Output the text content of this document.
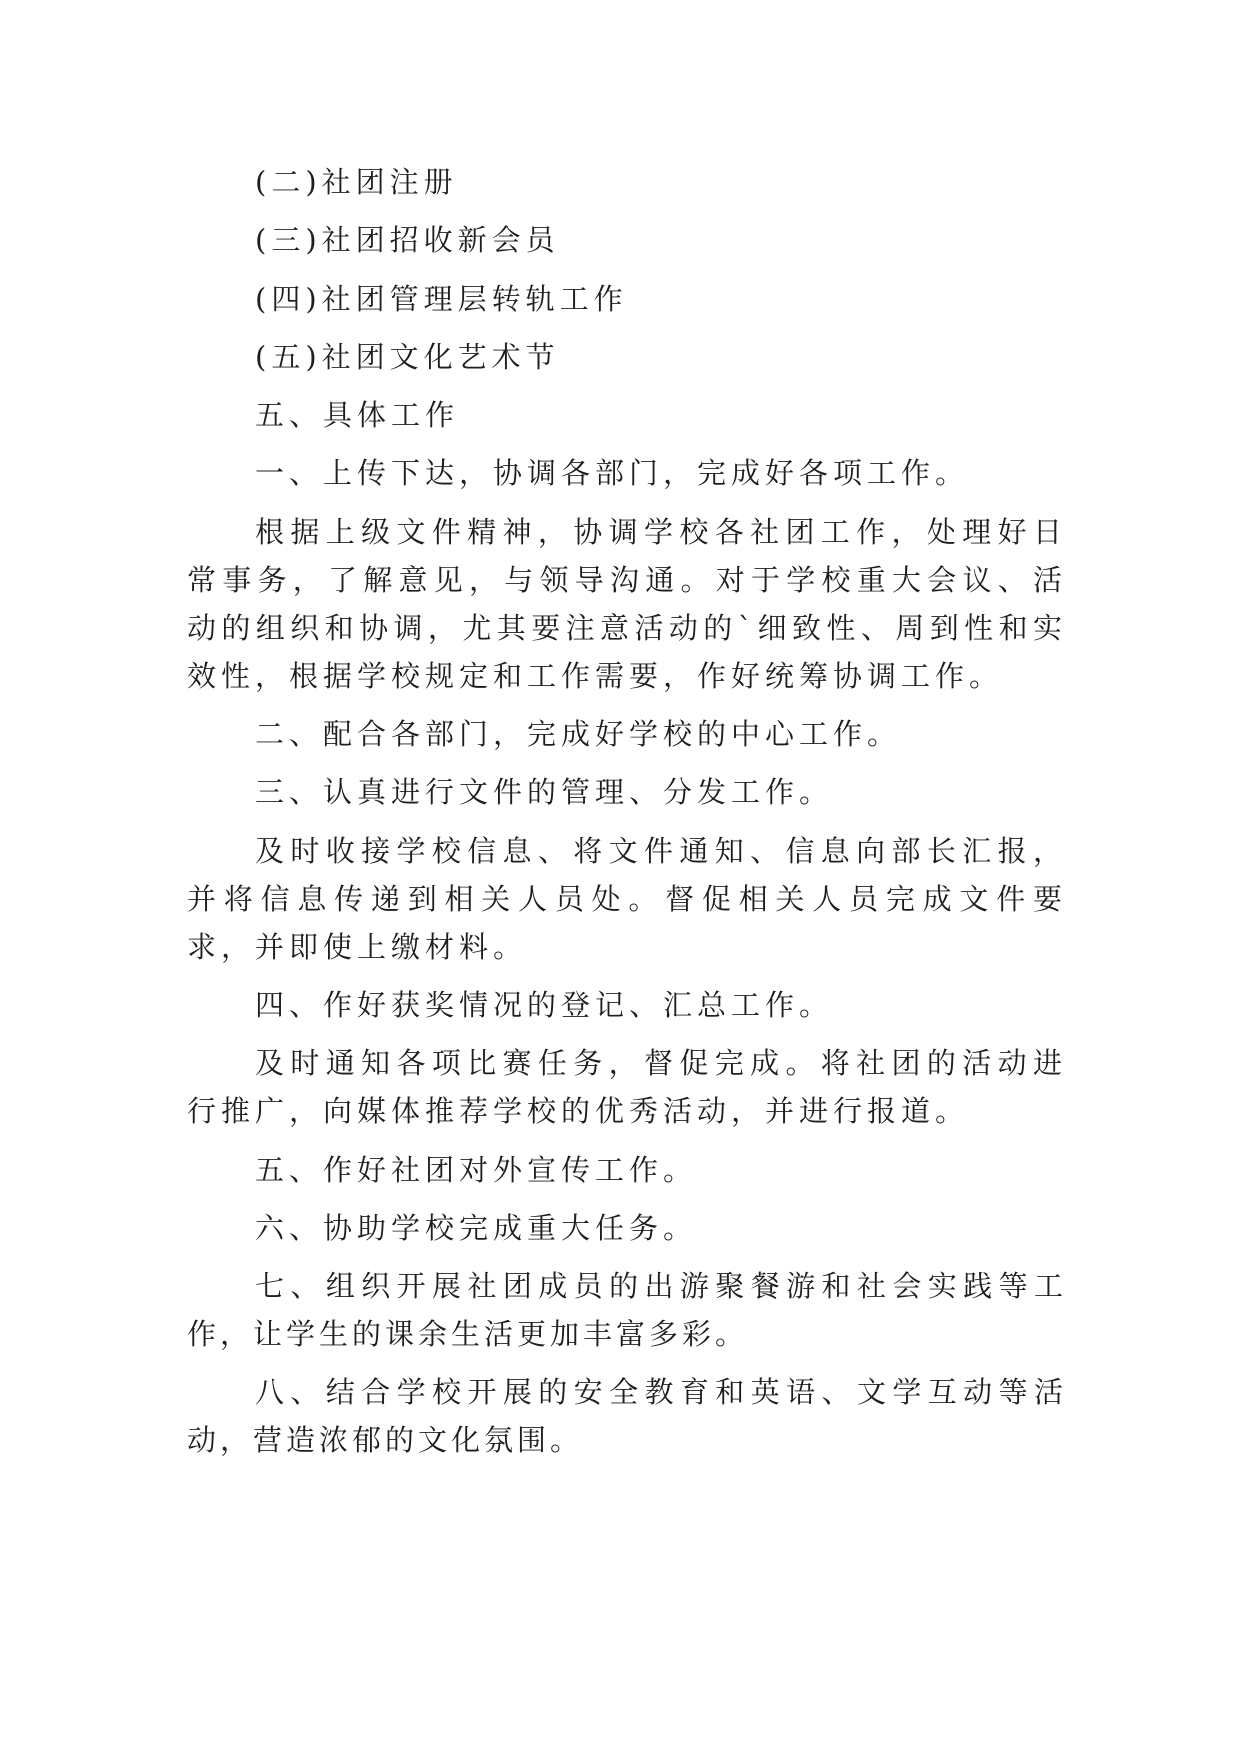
(二)社团注册

(三)社团招收新会员

(四)社团管理层转轨工作

(五)社团文化艺术节

五、具体工作

一、上传下达，协调各部门，完成好各项工作。

根据上级文件精神，协调学校各社团工作，处理好日常事务，了解意见，与领导沟通。对于学校重大会议、活动的组织和协调，尤其要注意活动的`细致性、周到性和实效性，根据学校规定和工作需要，作好统筹协调工作。

二、配合各部门，完成好学校的中心工作。

三、认真进行文件的管理、分发工作。

及时收接学校信息、将文件通知、信息向部长汇报，并将信息传递到相关人员处。督促相关人员完成文件要求，并即使上缴材料。

四、作好获奖情况的登记、汇总工作。

及时通知各项比赛任务，督促完成。将社团的活动进行推广，向媒体推荐学校的优秀活动，并进行报道。

五、作好社团对外宣传工作。

六、协助学校完成重大任务。

七、组织开展社团成员的出游聚餐游和社会实践等工作，让学生的课余生活更加丰富多彩。

八、结合学校开展的安全教育和英语、文学互动等活动，营造浓郁的文化氛围。
